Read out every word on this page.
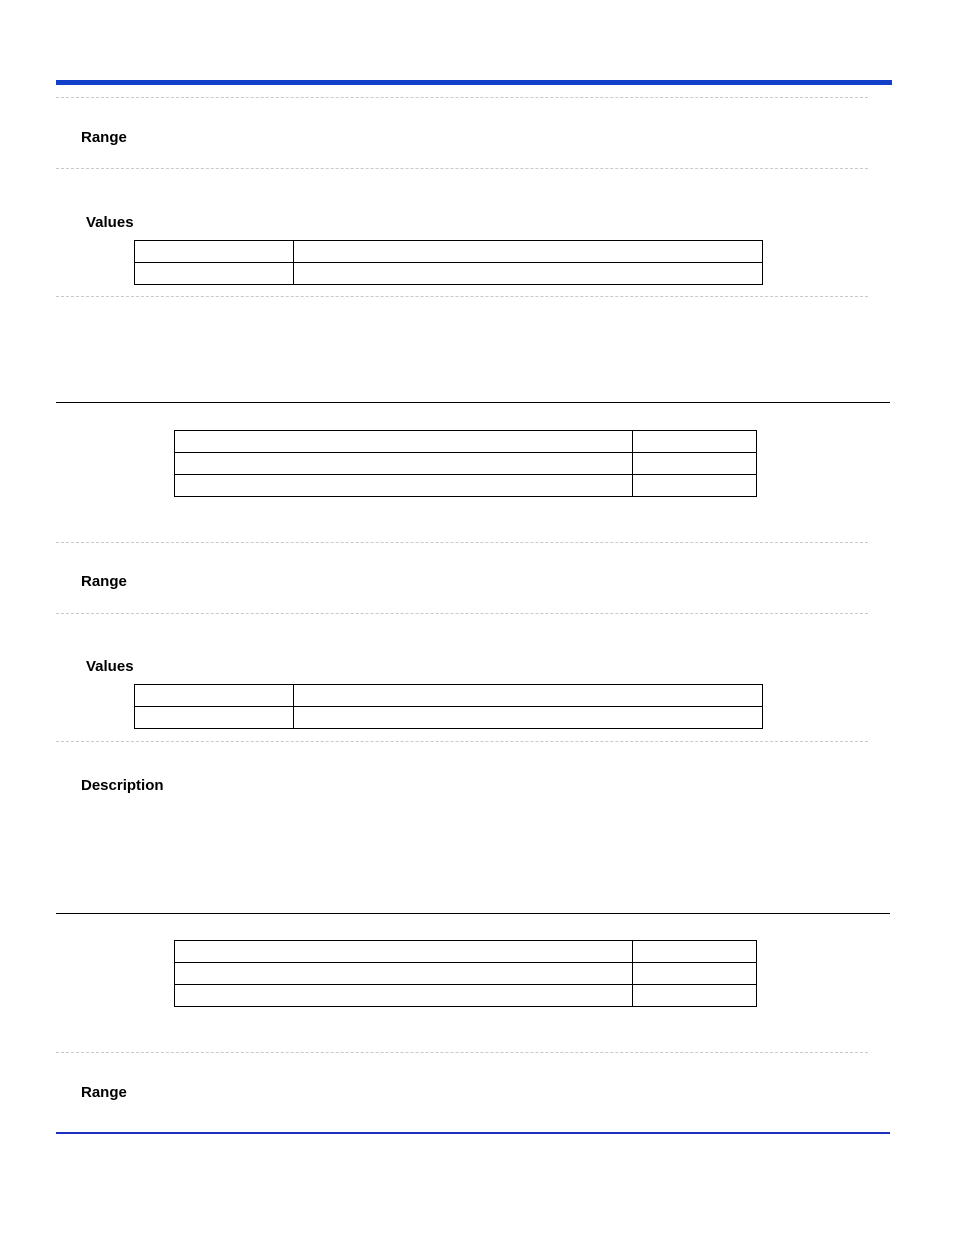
Range
Values

Range
Values

Description

Range
